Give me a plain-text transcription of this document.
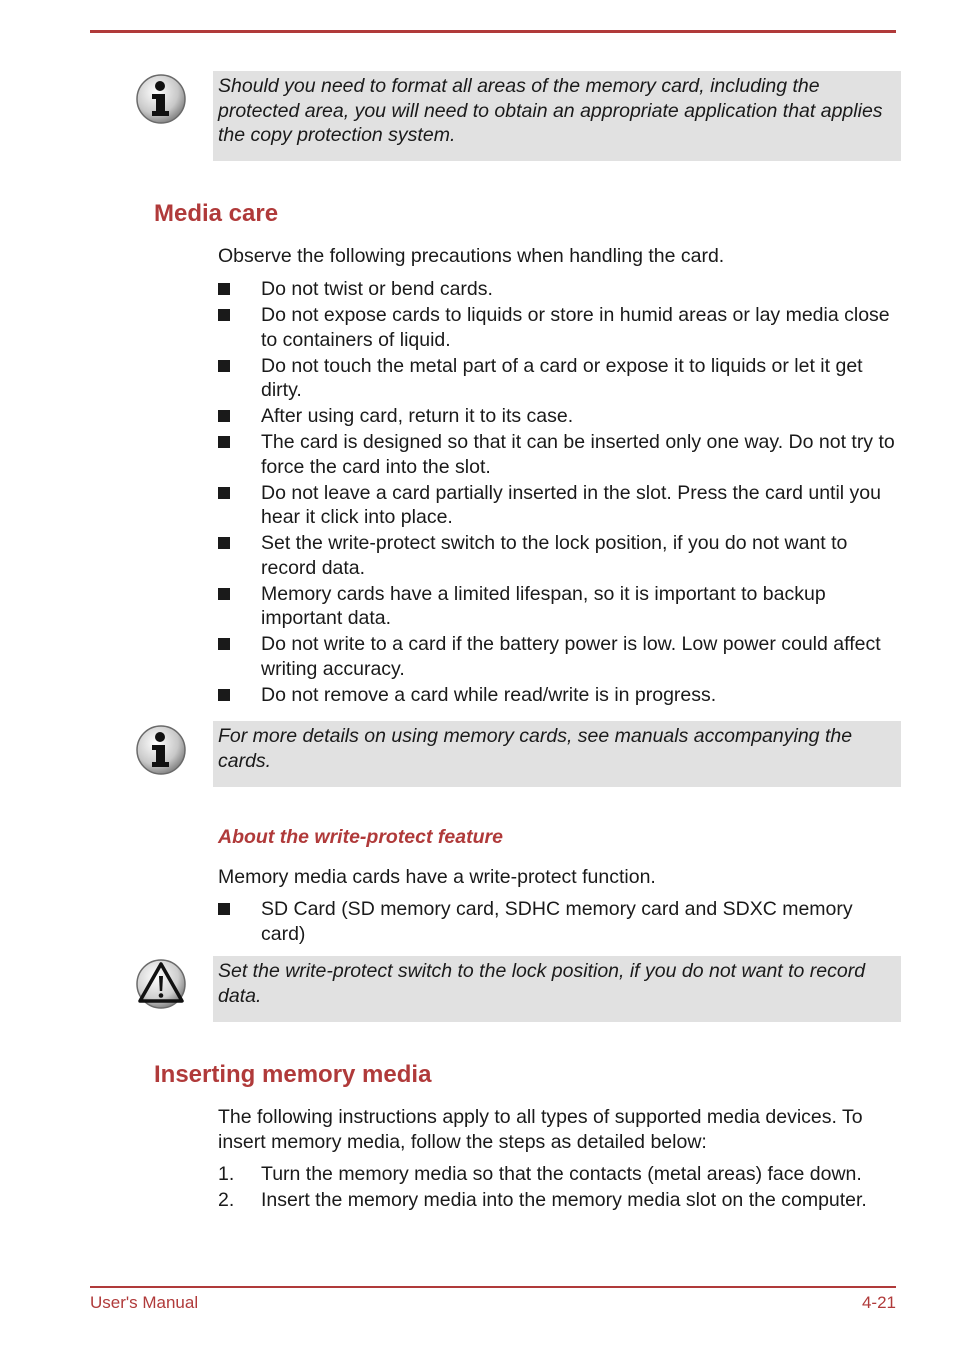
Should you need to format all areas of the memory card, including the protected area, you will need to obtain an appropriate application that applies the copy protection system.
Media care

Observe the following precautions when handling the card.

Do not twist or bend cards.
Do not expose cards to liquids or store in humid areas or lay media close to containers of liquid.
Do not touch the metal part of a card or expose it to liquids or let it get dirty.
After using card, return it to its case.
The card is designed so that it can be inserted only one way. Do not try to force the card into the slot.
Do not leave a card partially inserted in the slot. Press the card until you hear it click into place.
Set the write-protect switch to the lock position, if you do not want to record data.
Memory cards have a limited lifespan, so it is important to backup important data.
Do not write to a card if the battery power is low. Low power could affect writing accuracy.
Do not remove a card while read/write is in progress.
For more details on using memory cards, see manuals accompanying the cards.
About the write-protect feature

Memory media cards have a write-protect function.

SD Card (SD memory card, SDHC memory card and SDXC memory card)
Set the write-protect switch to the lock position, if you do not want to record data.
Inserting memory media

The following instructions apply to all types of supported media devices. To insert memory media, follow the steps as detailed below:

1. Turn the memory media so that the contacts (metal areas) face down.
2. Insert the memory media into the memory media slot on the computer.
User's Manual	4-21
